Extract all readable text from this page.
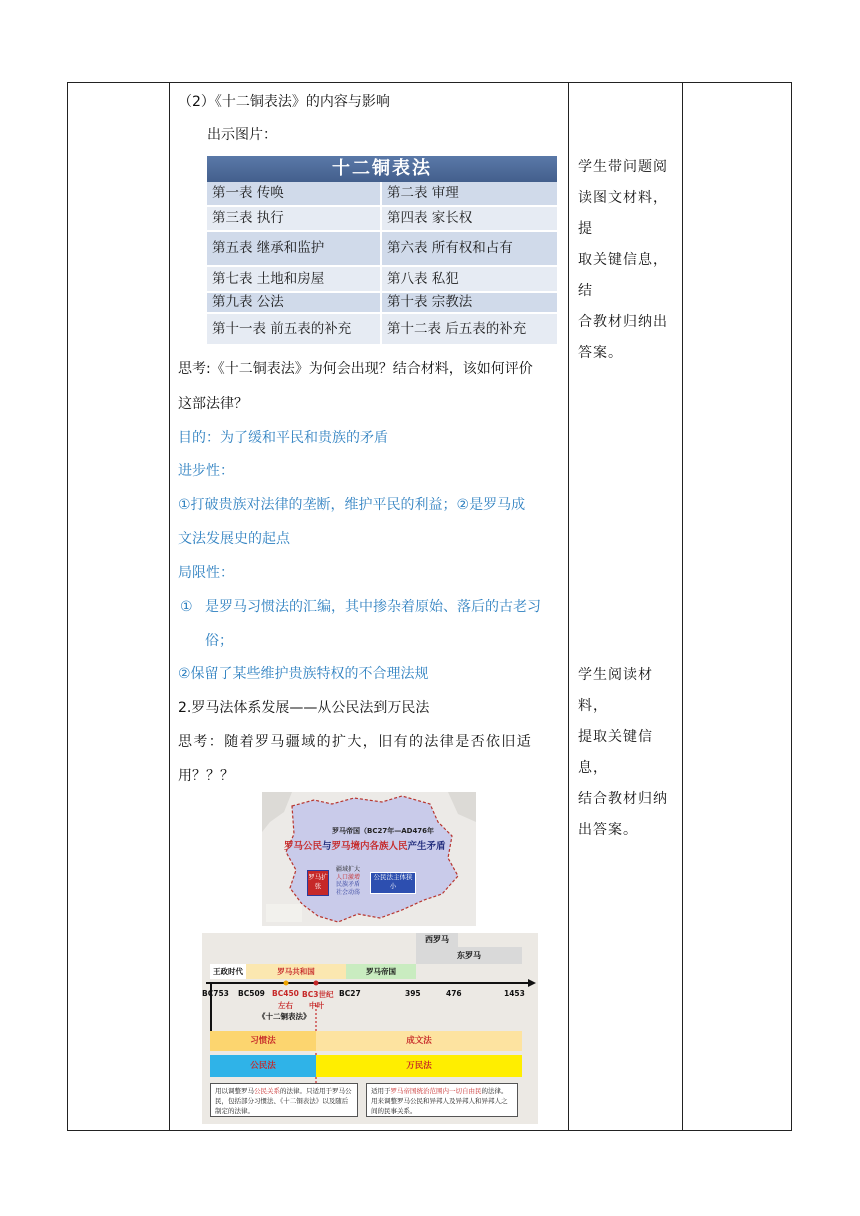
（2）《十二铜表法》的内容与影响
出示图片：
十二铜表法
第一表 传唤	第二表 审理
第三表 执行	第四表 家长权
第五表 继承和监护	第六表 所有权和占有
第七表 土地和房屋	第八表 私犯
第九表 公法	第十表 宗教法
第十一表 前五表的补充	第十二表 后五表的补充
思考:《十二铜表法》为何会出现？结合材料，该如何评价
这部法律？
目的：为了缓和平民和贵族的矛盾
进步性：
①打破贵族对法律的垄断，维护平民的利益；②是罗马成
文法发展史的起点
局限性：
① 是罗马习惯法的汇编，其中掺杂着原始、落后的古老习
俗；
②保留了某些维护贵族特权的不合理法规
2.罗马法体系发展——从公民法到万民法
思考：随着罗马疆域的扩大，旧有的法律是否依旧适
用？？？
学生带问题阅
读图文材料，提
取关键信息，结
合教材归纳出
答案。
学生阅读材料，
提取关键信息，
结合教材归纳
出答案。
罗马帝国（BC27年—AD476年
罗马公民与罗马境内各族人民产生矛盾
罗马扩张
疆域扩大
人口激增
民族矛盾
社会动荡
公民法主体狭小
西罗马
东罗马
王政时代	罗马共和国	罗马帝国
BC753 BC509	BC27	395	476	1453
BC450
左右
BC3世纪
中叶
《十二铜表法》
习惯法	成文法
公民法	万民法
用以调整罗马公民关系的法律。只适用于罗马公民，包括部分习惯法、《十二铜表法》以及随后制定的法律。
适用于罗马帝国统治范围内一切自由民的法律。用来调整罗马公民和异邦人及异邦人和异邦人之间的民事关系。
